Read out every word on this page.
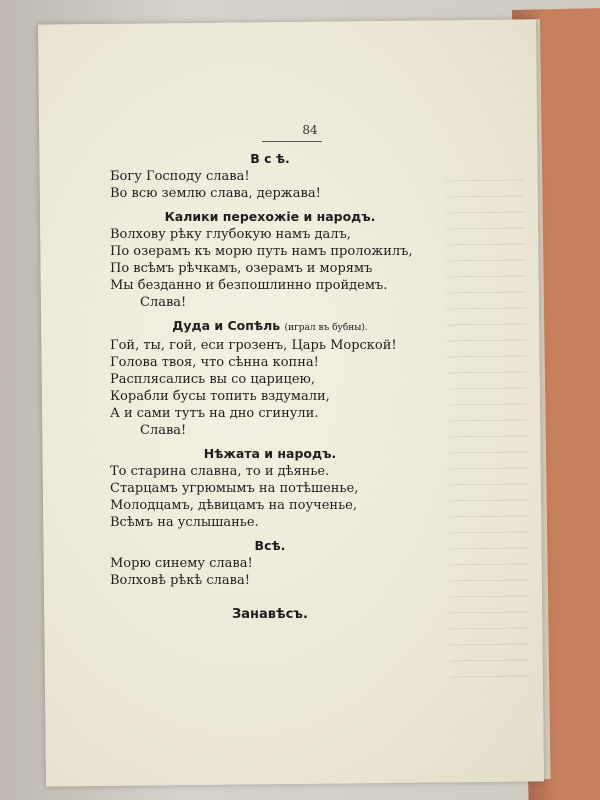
84

В с ѣ.

Богу Господу слава!

Во всю землю слава, держава!

Калики перехожіе и народъ.

Волхову рѣку глубокую намъ далъ,

По озерамъ къ морю путь намъ проложилъ,

По всѣмъ рѣчкамъ, озерамъ и морямъ

Мы безданно и безпошлинно пройдемъ.

Слава!

Дуда и Сопѣль (играл въ бубны).

Гой, ты, гой, еси грозенъ, Царь Морской!

Голова твоя, что сѣнна копна!

Расплясались вы со царицею,

Корабли бусы топить вздумали,

А и сами тутъ на дно сгинули.

Слава!

Нѣжата и народъ.

То старина славна, то и дѣянье.

Старцамъ угрюмымъ на потѣшенье,

Молодцамъ, дѣвицамъ на поученье,

Всѣмъ на услышанье.

Всѣ.

Морю синему слава!

Волховѣ рѣкѣ слава!

Занавѣсъ.
